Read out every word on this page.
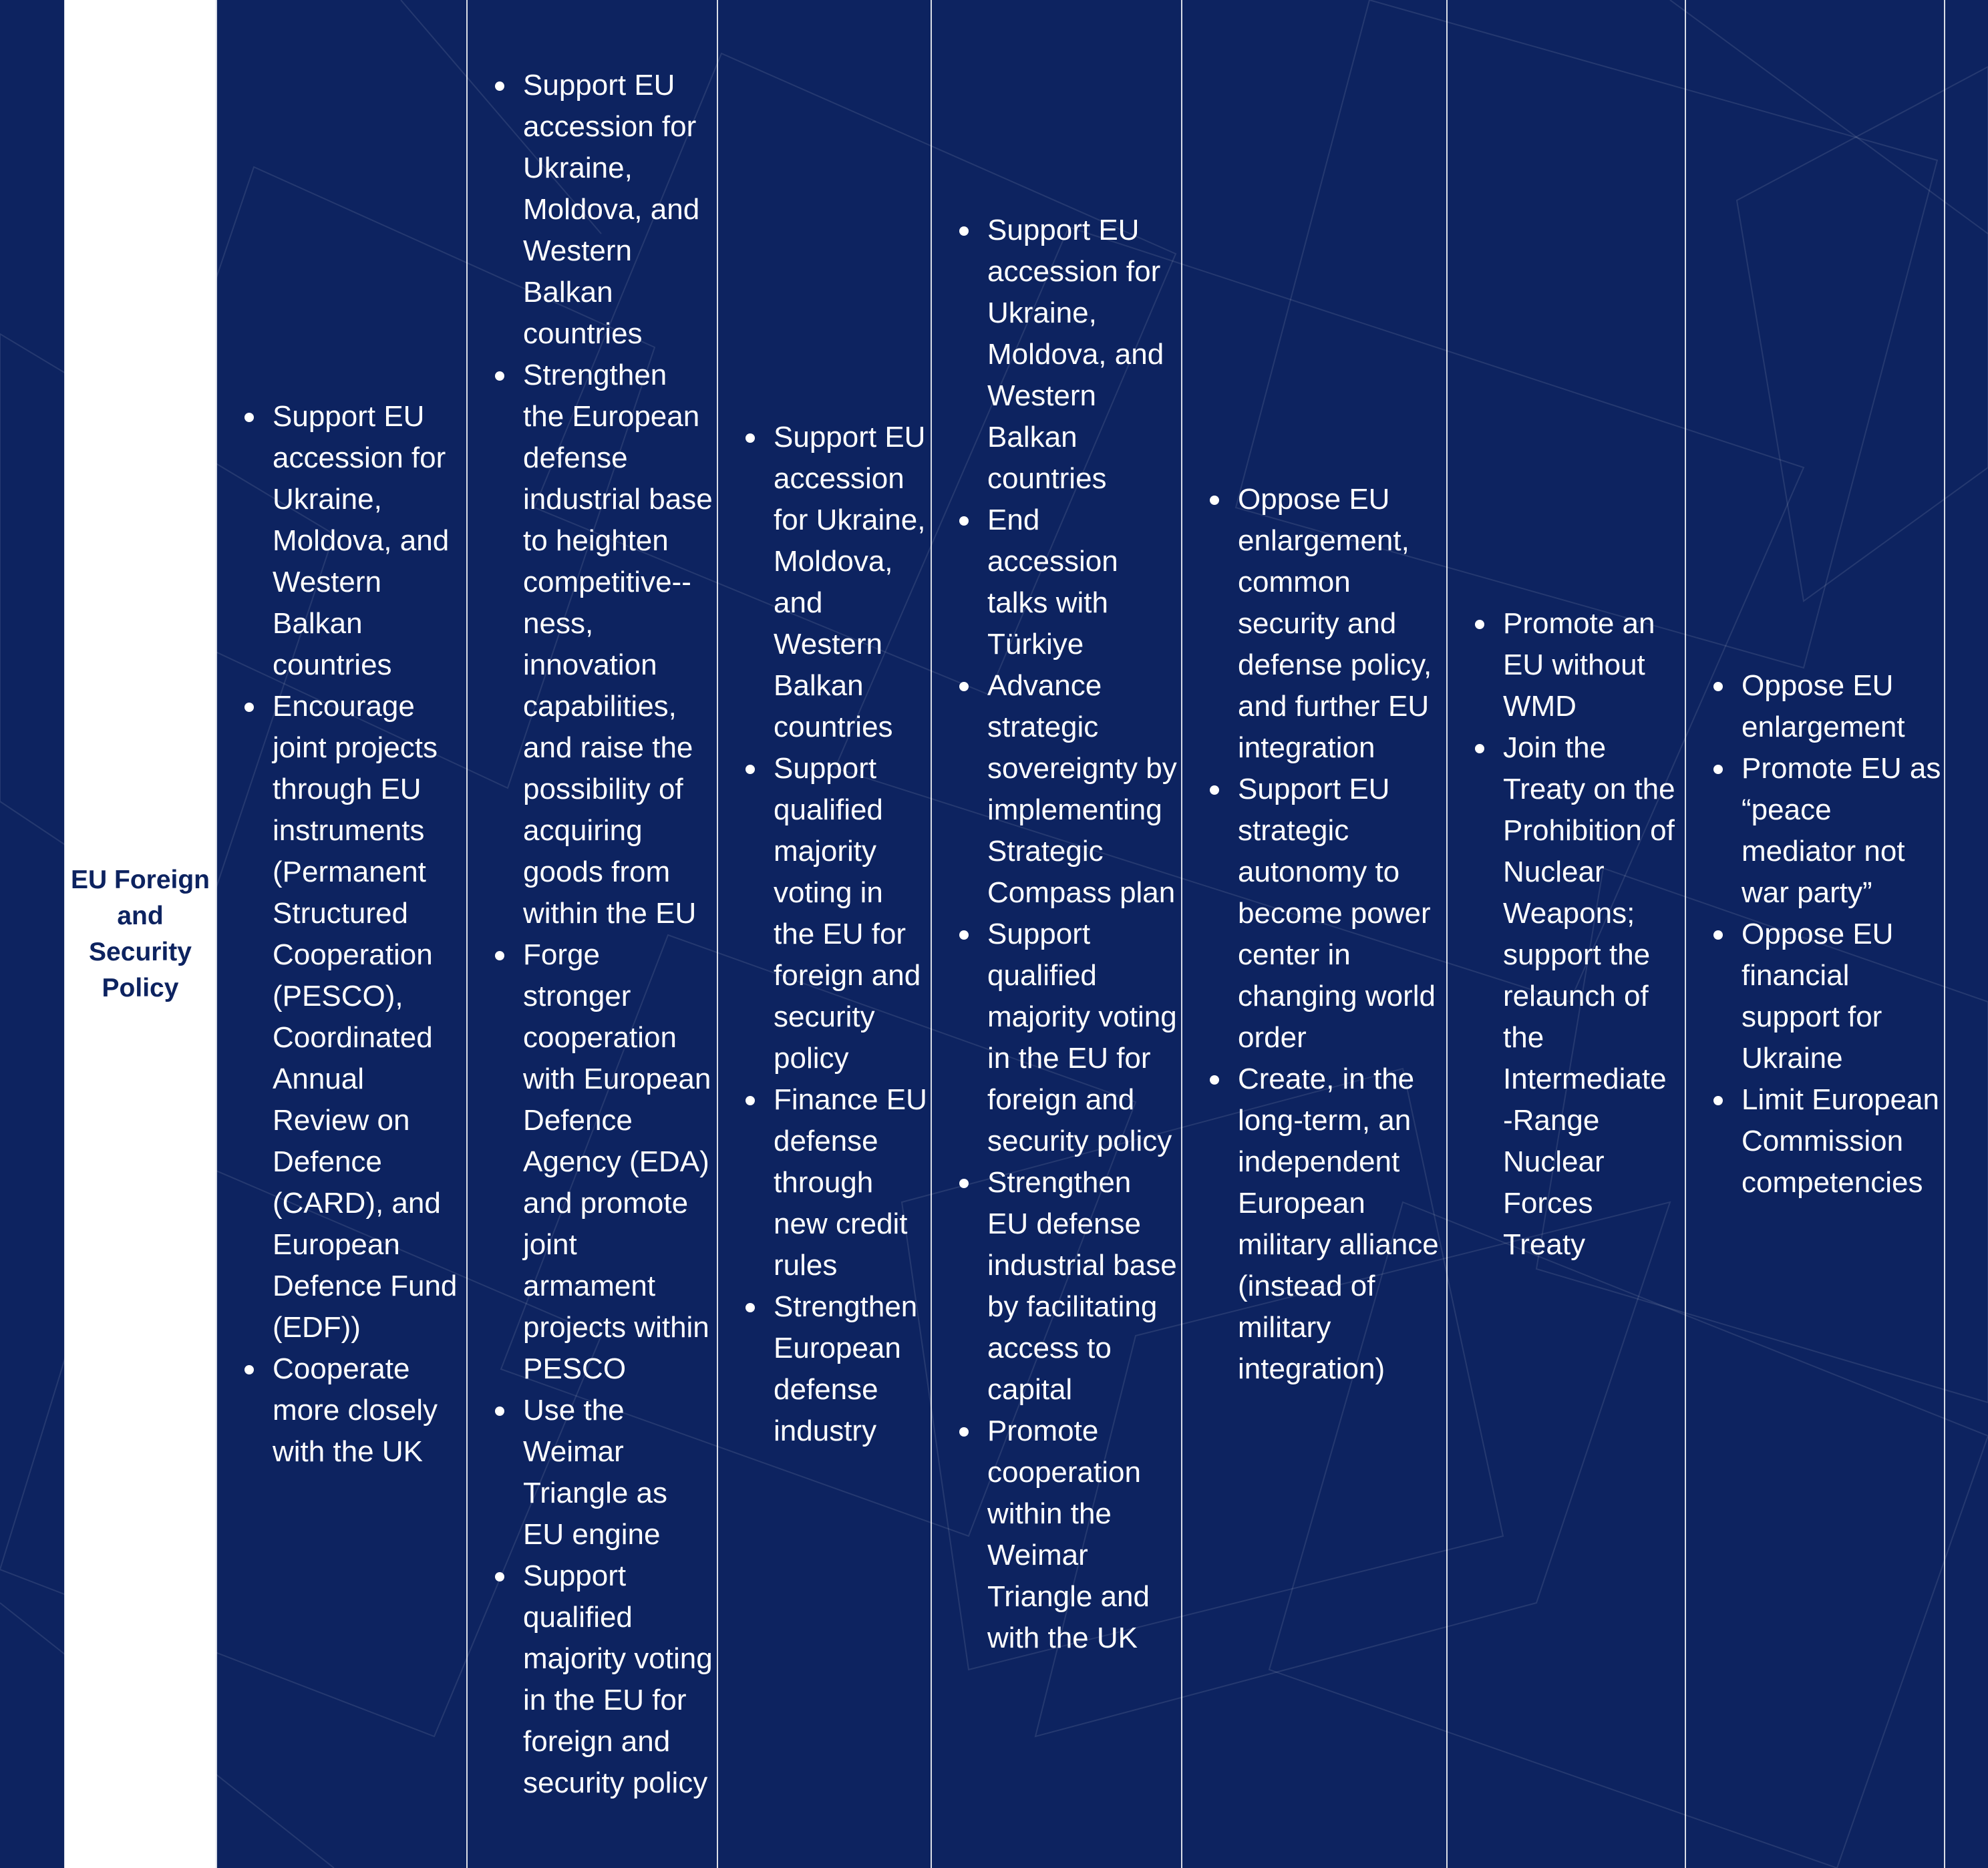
EU Foreign and Security Policy
Support EU accession for Ukraine, Moldova, and Western Balkan countries
Encourage joint projects through EU instruments (Permanent Structured Cooperation (PESCO), Coordinated Annual Review on Defence (CARD), and European Defence Fund (EDF))
Cooperate more closely with the UK
Support EU accession for Ukraine, Moldova, and Western Balkan countries
Strengthen the European defense industrial base to heighten competitive--ness, innovation capabilities, and raise the possibility of acquiring goods from within the EU
Forge stronger cooperation with European Defence Agency (EDA) and promote joint armament projects within PESCO
Use the Weimar Triangle as EU engine
Support qualified majority voting in the EU for foreign and security policy
Support EU accession for Ukraine, Moldova, and Western Balkan countries
Support qualified majority voting in the EU for foreign and security policy
Finance EU defense through new credit rules
Strengthen European defense industry
Support EU accession for Ukraine, Moldova, and Western Balkan countries
End accession talks with Türkiye
Advance strategic sovereignty by implementing Strategic Compass plan
Support qualified majority voting in the EU for foreign and security policy
Strengthen EU defense industrial base by facilitating access to capital
Promote cooperation within the Weimar Triangle and with the UK
Oppose EU enlargement, common security and defense policy, and further EU integration
Support EU strategic autonomy to become power center in changing world order
Create, in the long-term, an independent European military alliance (instead of military integration)
Promote an EU without WMD
Join the Treaty on the Prohibition of Nuclear Weapons; support the relaunch of the Intermediate -Range Nuclear Forces Treaty
Oppose EU enlargement
Promote EU as “peace mediator not war party”
Oppose EU financial support for Ukraine
Limit European Commission competencies
